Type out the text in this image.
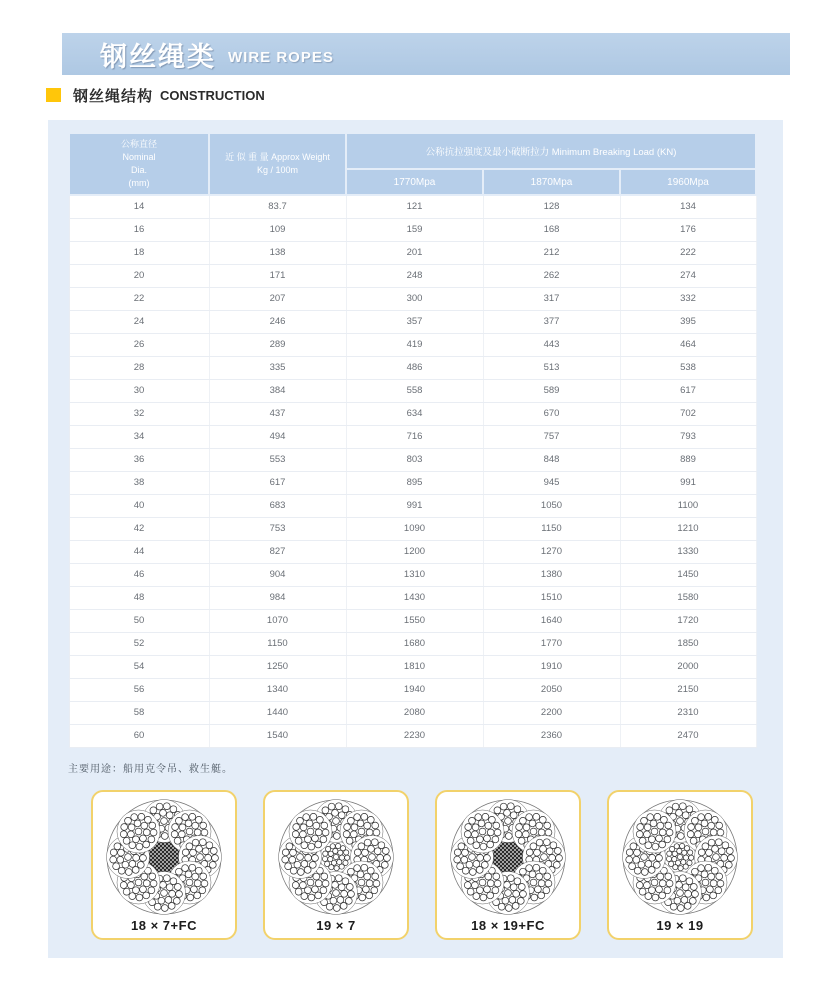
钢丝绳类 WIRE ROPES
钢丝绳结构 CONSTRUCTION
公称直径
Nominal
Dia.
(mm)

近 似 重 量 Approx Weight
Kg / 100m
	公称抗拉强度及最小破断拉力 Minimum Breaking Load (KN)
		1770Mpa	1870Mpa	1960Mpa
14	83.7	121	128	134
16	109	159	168	176
18	138	201	212	222
20	171	248	262	274
22	207	300	317	332
24	246	357	377	395
26	289	419	443	464
28	335	486	513	538
30	384	558	589	617
32	437	634	670	702
34	494	716	757	793
36	553	803	848	889
38	617	895	945	991
40	683	991	1050	1100
42	753	1090	1150	1210
44	827	1200	1270	1330
46	904	1310	1380	1450
48	984	1430	1510	1580
50	1070	1550	1640	1720
52	1150	1680	1770	1850
54	1250	1810	1910	2000
56	1340	1940	2050	2150
58	1440	2080	2200	2310
60	1540	2230	2360	2470
主要用途：船用克令吊、救生艇。
18 × 7+FC	19 × 7	18 × 19+FC	19 × 19
